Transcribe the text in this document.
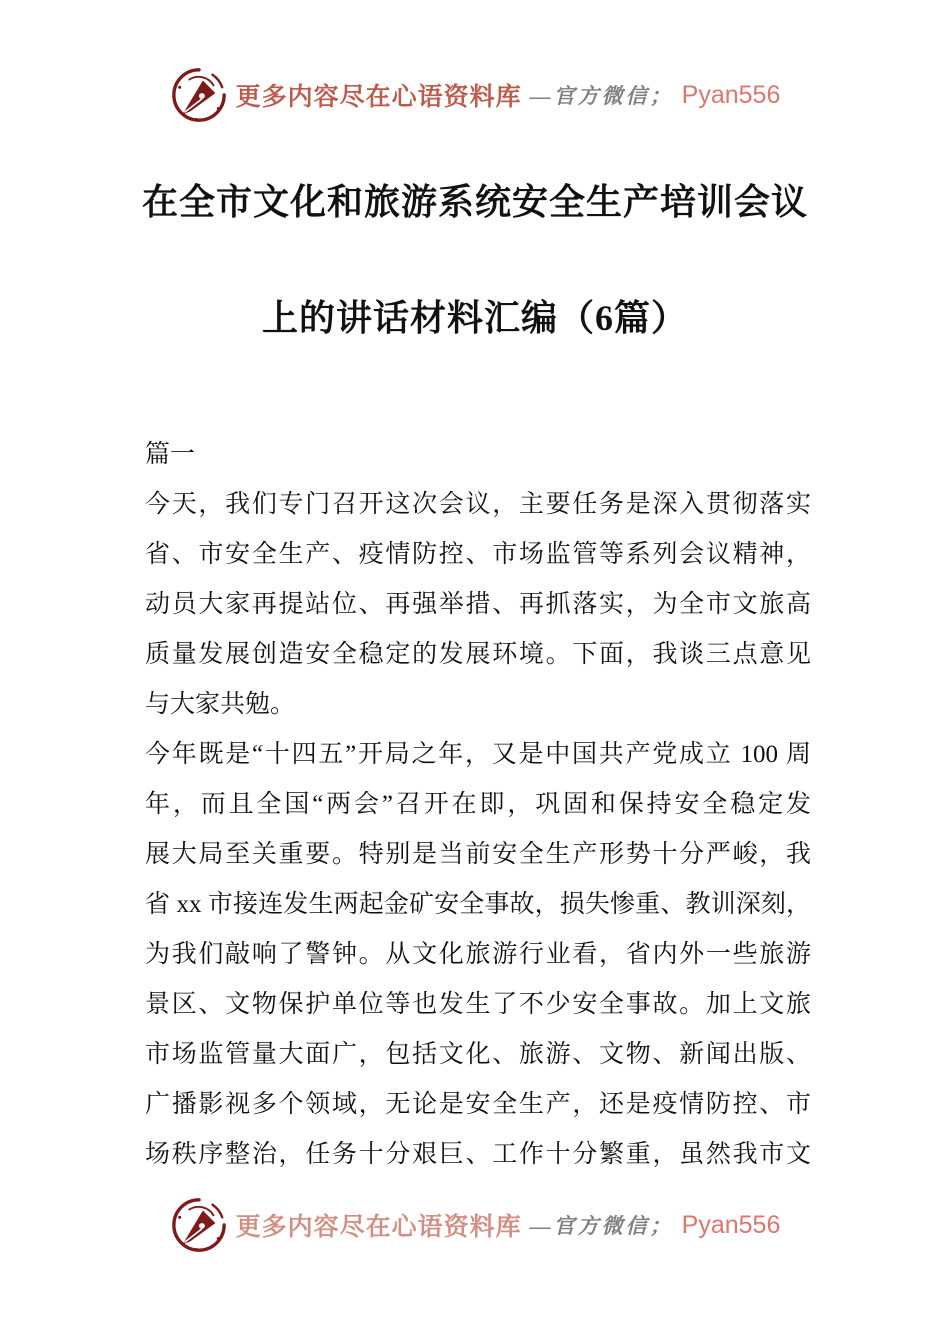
更多内容尽在心语资料库 —官方微信； Pyan556
在全市文化和旅游系统安全生产培训会议
上的讲话材料汇编（6篇）
篇一
今天，我们专门召开这次会议，主要任务是深入贯彻落实
省、市安全生产、疫情防控、市场监管等系列会议精神，
动员大家再提站位、再强举措、再抓落实，为全市文旅高
质量发展创造安全稳定的发展环境。下面，我谈三点意见
与大家共勉。
今年既是“十四五”开局之年，又是中国共产党成立 100 周
年，而且全国“两会”召开在即，巩固和保持安全稳定发
展大局至关重要。特别是当前安全生产形势十分严峻，我
省 xx 市接连发生两起金矿安全事故，损失惨重、教训深刻，
为我们敲响了警钟。从文化旅游行业看，省内外一些旅游
景区、文物保护单位等也发生了不少安全事故。加上文旅
市场监管量大面广，包括文化、旅游、文物、新闻出版、
广播影视多个领域，无论是安全生产，还是疫情防控、市
场秩序整治，任务十分艰巨、工作十分繁重，虽然我市文
更多内容尽在心语资料库 —官方微信； Pyan556
